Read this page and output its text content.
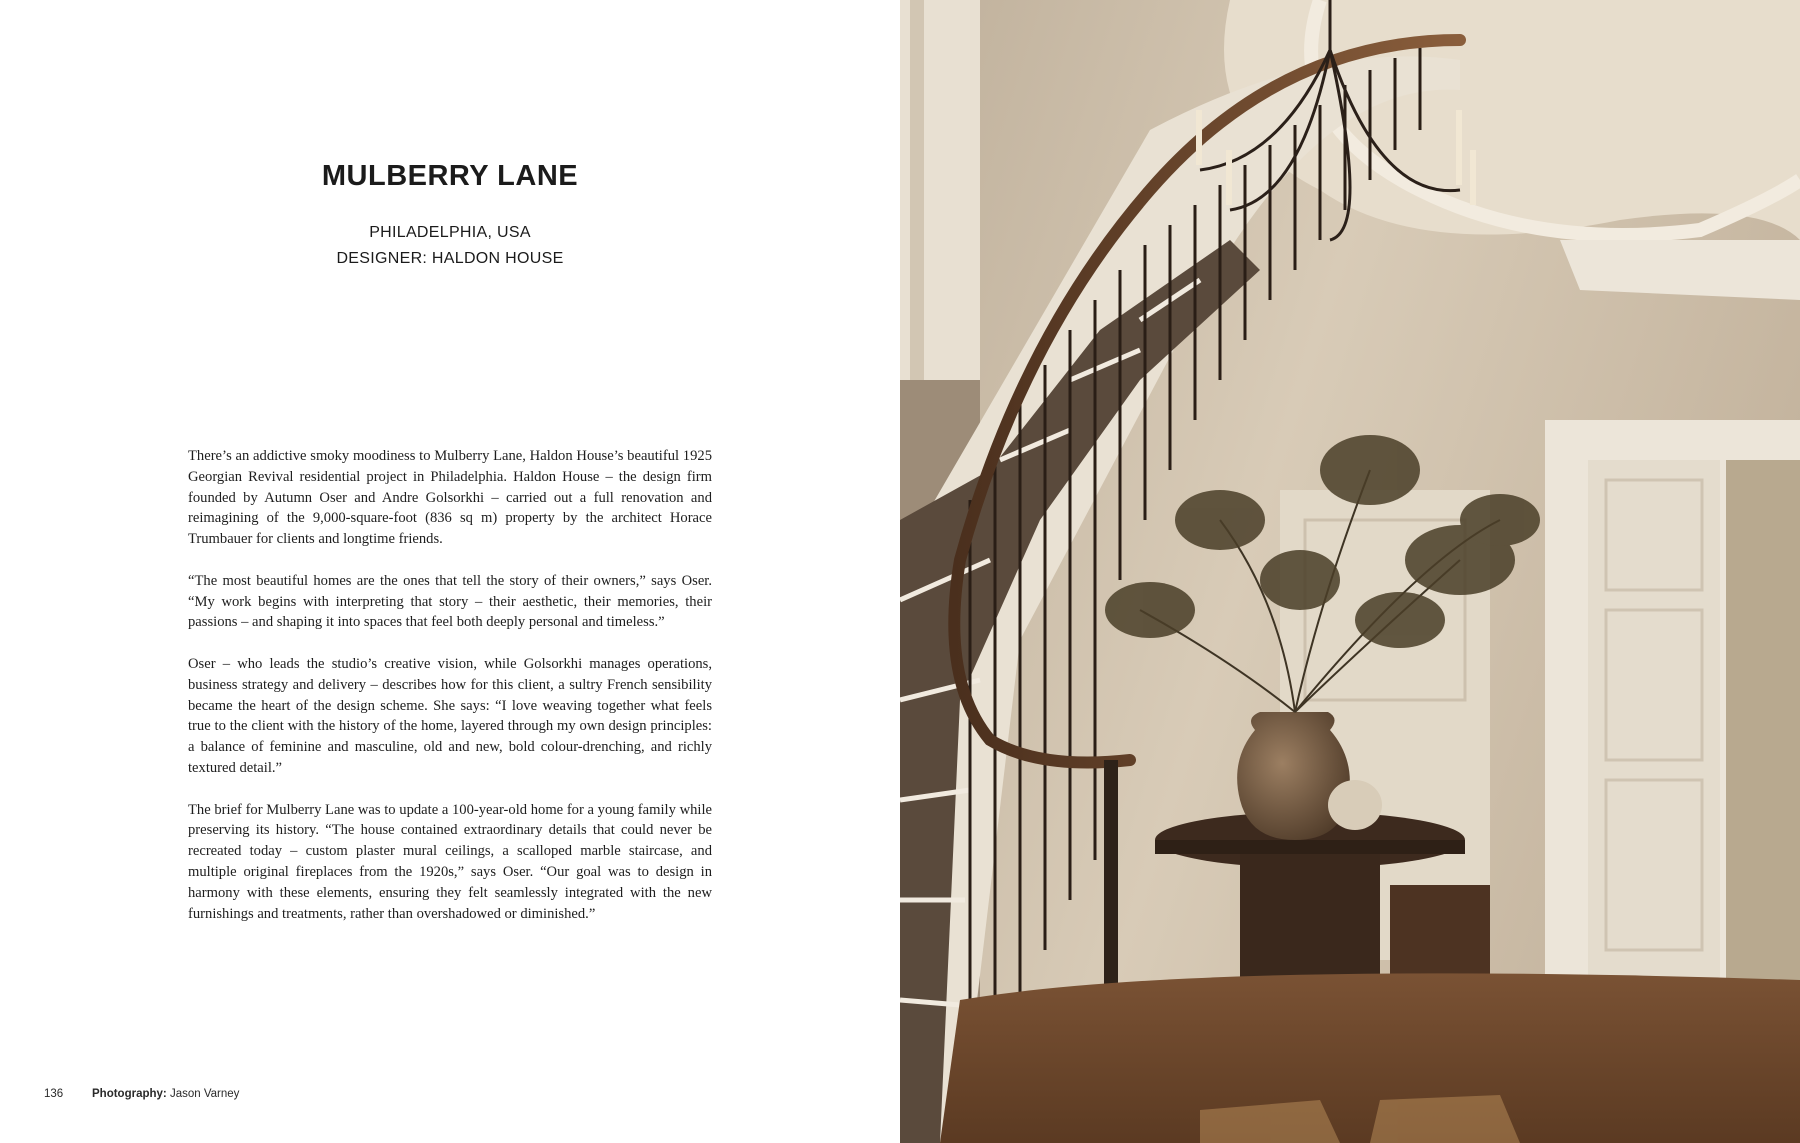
MULBERRY LANE

PHILADELPHIA, USA

DESIGNER: HALDON HOUSE

There’s an addictive smoky moodiness to Mulberry Lane, Haldon House’s beautiful 1925 Georgian Revival residential project in Philadelphia. Haldon House – the design firm founded by Autumn Oser and Andre Golsorkhi – carried out a full renovation and reimagining of the 9,000-square-foot (836 sq m) property by the architect Horace Trumbauer for clients and longtime friends.

“The most beautiful homes are the ones that tell the story of their owners,” says Oser. “My work begins with interpreting that story – their aesthetic, their memories, their passions – and shaping it into spaces that feel both deeply personal and timeless.”

Oser – who leads the studio’s creative vision, while Golsorkhi manages operations, business strategy and delivery – describes how for this client, a sultry French sensibility became the heart of the design scheme. She says: “I love weaving together what feels true to the client with the history of the home, layered through my own design principles: a balance of feminine and masculine, old and new, bold colour-drenching, and richly textured detail.”

The brief for Mulberry Lane was to update a 100-year-old home for a young family while preserving its history. “The house contained extraordinary details that could never be recreated today – custom plaster mural ceilings, a scalloped marble staircase, and multiple original fireplaces from the 1920s,” says Oser. “Our goal was to design in harmony with these elements, ensuring they felt seamlessly integrated with the new furnishings and treatments, rather than overshadowed or diminished.”

136	Photography: Jason Varney
